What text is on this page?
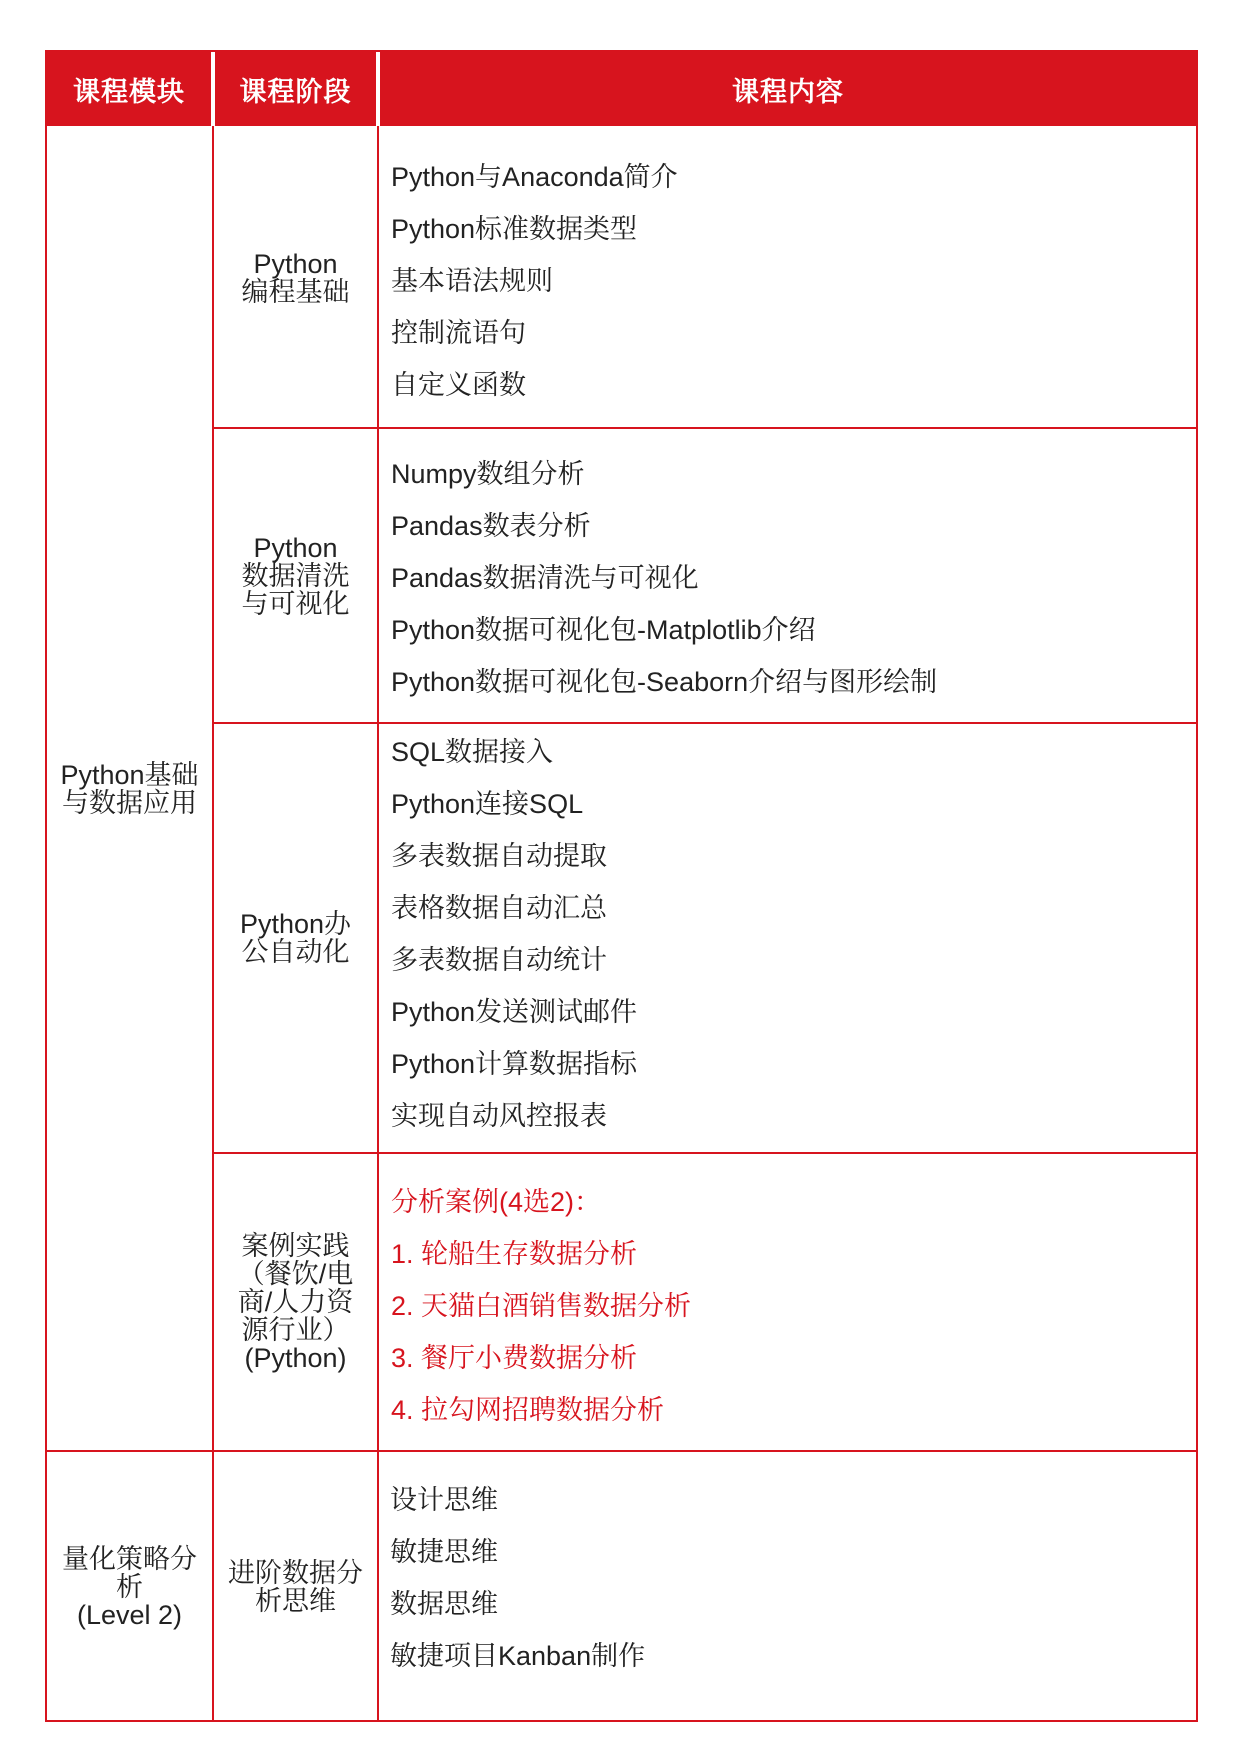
课程模块	课程阶段	课程内容
Python基础
与数据应用
量化策略分
析
(Level 2)
Python
编程基础
Python
数据清洗
与可视化
Python办
公自动化
案例实践
（餐饮/电
商/人力资
源行业）
(Python)
进阶数据分
析思维
Python与Anaconda简介
Python标准数据类型
基本语法规则
控制流语句
自定义函数
Numpy数组分析
Pandas数表分析
Pandas数据清洗与可视化
Python数据可视化包-Matplotlib介绍
Python数据可视化包-Seaborn介绍与图形绘制
SQL数据接入
Python连接SQL
多表数据自动提取
表格数据自动汇总
多表数据自动统计
Python发送测试邮件
Python计算数据指标
实现自动风控报表
分析案例(4选2)：
1. 轮船生存数据分析
2. 天猫白酒销售数据分析
3. 餐厅小费数据分析
4. 拉勾网招聘数据分析
设计思维
敏捷思维
数据思维
敏捷项目Kanban制作
